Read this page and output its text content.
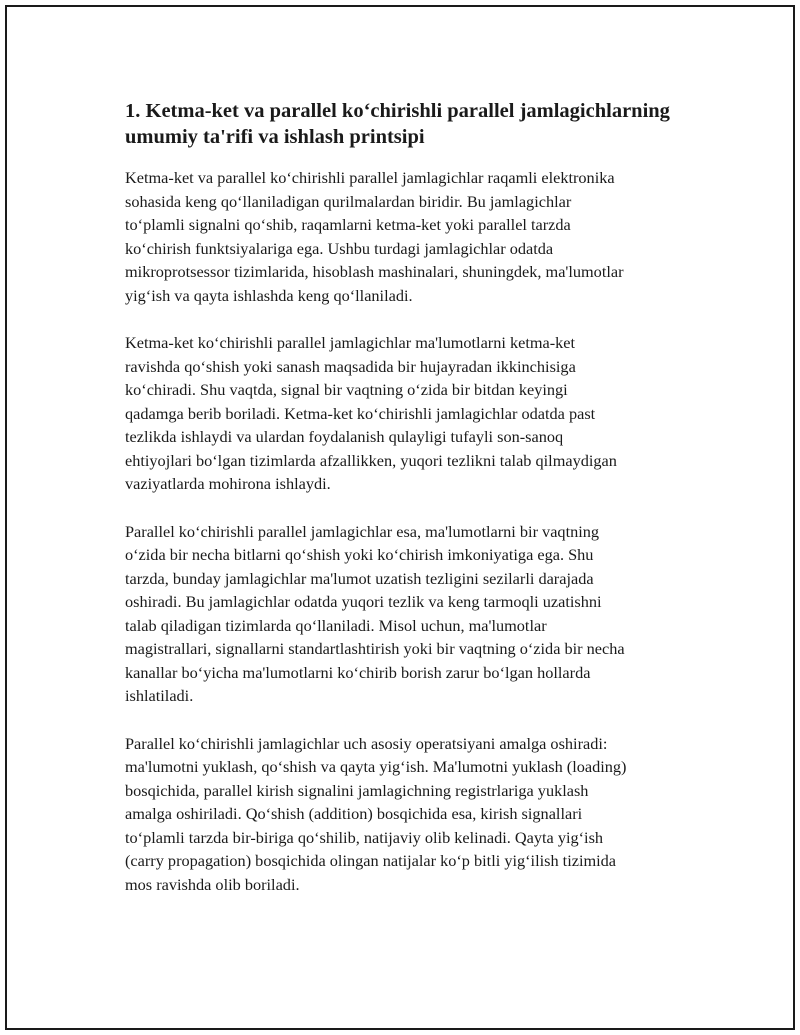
1. Ketma-ket va parallel ko‘chirishli parallel jamlagichlarning
umumiy ta'rifi va ishlash printsipi

Ketma-ket va parallel ko‘chirishli parallel jamlagichlar raqamli elektronika
sohasida keng qo‘llaniladigan qurilmalardan biridir. Bu jamlagichlar
to‘plamli signalni qo‘shib, raqamlarni ketma-ket yoki parallel tarzda
ko‘chirish funktsiyalariga ega. Ushbu turdagi jamlagichlar odatda
mikroprotsessor tizimlarida, hisoblash mashinalari, shuningdek, ma'lumotlar
yig‘ish va qayta ishlashda keng qo‘llaniladi.

Ketma-ket ko‘chirishli parallel jamlagichlar ma'lumotlarni ketma-ket
ravishda qo‘shish yoki sanash maqsadida bir hujayradan ikkinchisiga
ko‘chiradi. Shu vaqtda, signal bir vaqtning o‘zida bir bitdan keyingi
qadamga berib boriladi. Ketma-ket ko‘chirishli jamlagichlar odatda past
tezlikda ishlaydi va ulardan foydalanish qulayligi tufayli son-sanoq
ehtiyojlari bo‘lgan tizimlarda afzallikken, yuqori tezlikni talab qilmaydigan
vaziyatlarda mohirona ishlaydi.

Parallel ko‘chirishli parallel jamlagichlar esa, ma'lumotlarni bir vaqtning
o‘zida bir necha bitlarni qo‘shish yoki ko‘chirish imkoniyatiga ega. Shu
tarzda, bunday jamlagichlar ma'lumot uzatish tezligini sezilarli darajada
oshiradi. Bu jamlagichlar odatda yuqori tezlik va keng tarmoqli uzatishni
talab qiladigan tizimlarda qo‘llaniladi. Misol uchun, ma'lumotlar
magistrallari, signallarni standartlashtirish yoki bir vaqtning o‘zida bir necha
kanallar bo‘yicha ma'lumotlarni ko‘chirib borish zarur bo‘lgan hollarda
ishlatiladi.

Parallel ko‘chirishli jamlagichlar uch asosiy operatsiyani amalga oshiradi:
ma'lumotni yuklash, qo‘shish va qayta yig‘ish. Ma'lumotni yuklash (loading)
bosqichida, parallel kirish signalini jamlagichning registrlariga yuklash
amalga oshiriladi. Qo‘shish (addition) bosqichida esa, kirish signallari
to‘plamli tarzda bir-biriga qo‘shilib, natijaviy olib kelinadi. Qayta yig‘ish
(carry propagation) bosqichida olingan natijalar ko‘p bitli yig‘ilish tizimida
mos ravishda olib boriladi.
